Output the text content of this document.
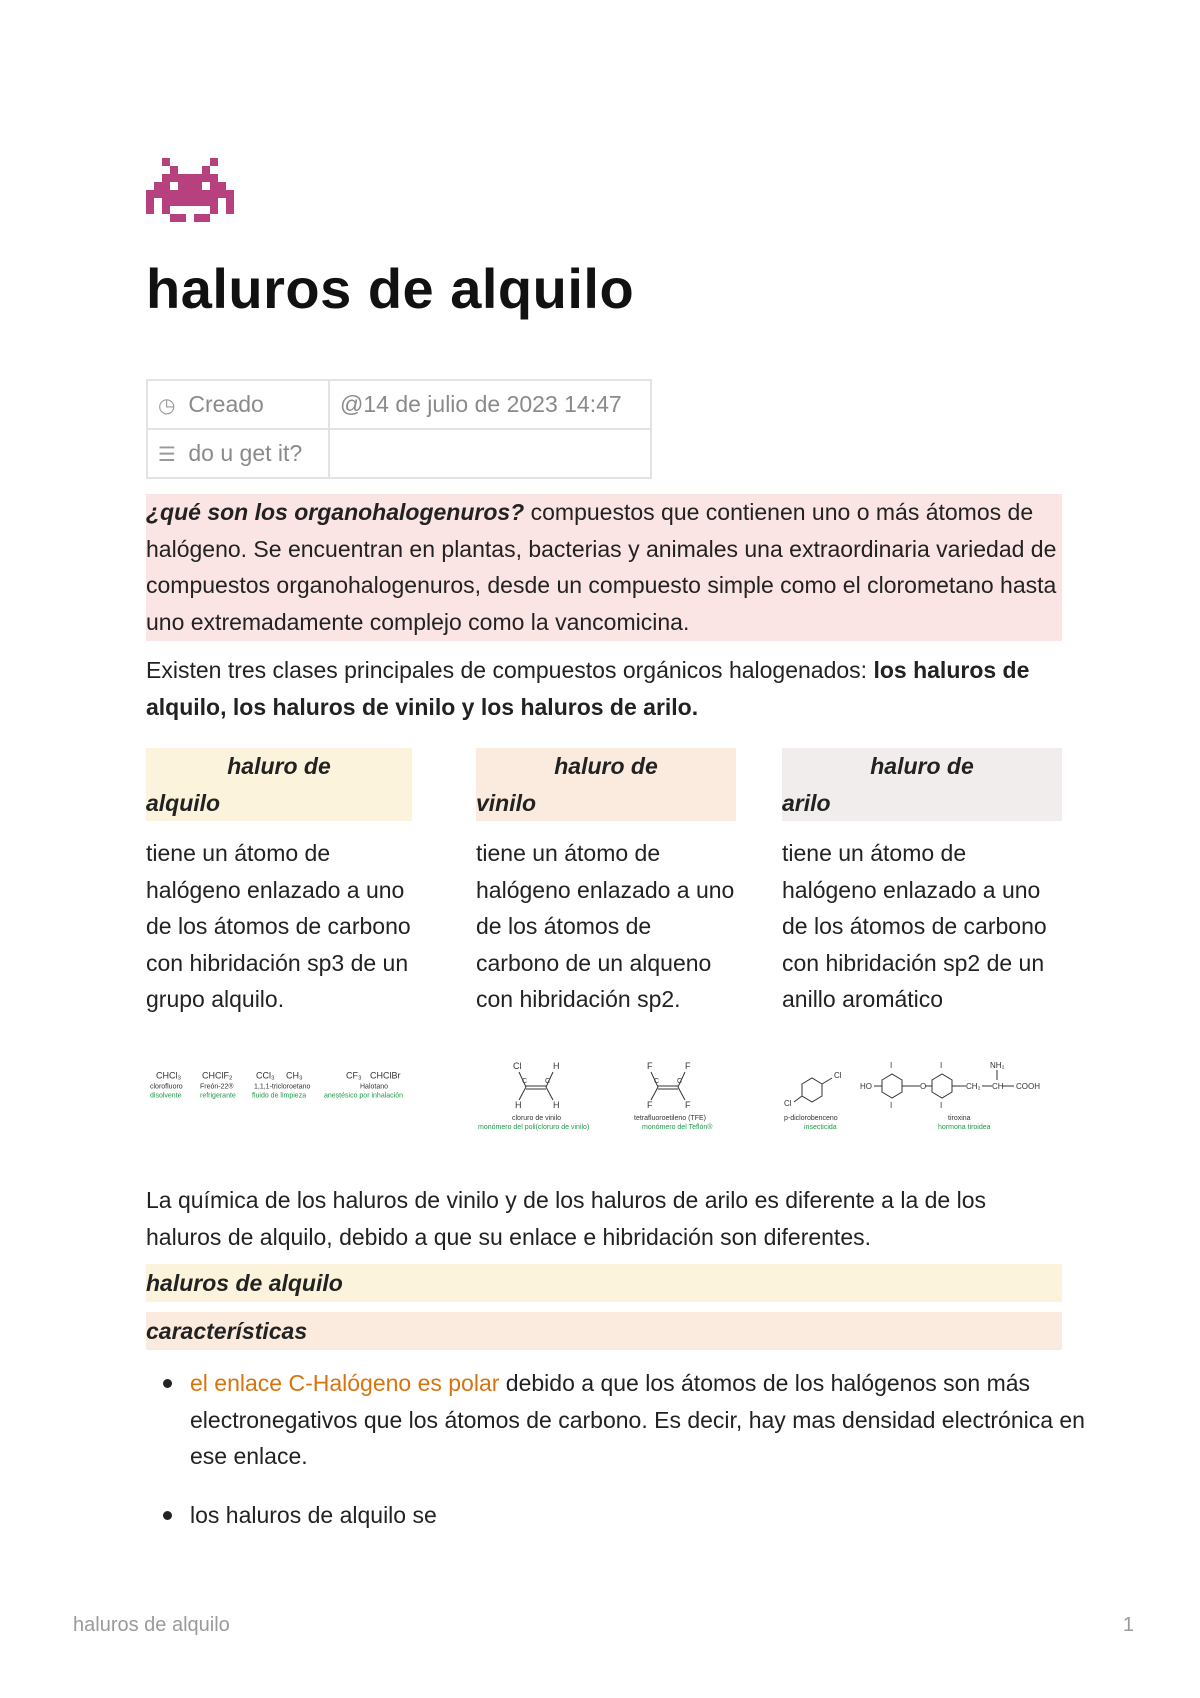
haluros de alquilo
◷ Creado	@14 de julio de 2023 14:47
☰ do u get it?	
¿qué son los organohalogenuros? compuestos que contienen uno o más átomos de halógeno. Se encuentran en plantas, bacterias y animales una extraordinaria variedad de compuestos organohalogenuros, desde un compuesto simple como el clorometano hasta uno extremadamente complejo como la vancomicina.
Existen tres clases principales de compuestos orgánicos halogenados: los haluros de alquilo, los haluros de vinilo y los haluros de arilo.
haluro de
alquilo
tiene un átomo de halógeno enlazado a uno de los átomos de carbono con hibridación sp3 de un grupo alquilo.
CHCl₃ CHClF₂	CCl₃ CH₃	CF₃ CHClBr
clorofluoro Freón-22®	1,1,1-tricloroetano	Halotano
disolvente	refrigerante fluido de limpieza	anestésico por inhalación
haluro de
vinilo
tiene un átomo de halógeno enlazado a uno de los átomos de carbono de un alqueno con hibridación sp2.
Cl	H
H	H
F	F
F	F
C	C	C	C
cloruro de vinilo	tetrafluoroetileno (TFE)
monómero del poli(cloruro de vinilo)	monómero del Teflón®
haluro de
arilo
tiene un átomo de halógeno enlazado a uno de los átomos de carbono con hibridación sp2 de un anillo aromático
Cl
Cl
I
I
I
I
HO	O
NH₂
CH₂ CH COOH
p-diclorobenceno	tiroxina
insecticida	hormona tiroidea
La química de los haluros de vinilo y de los haluros de arilo es diferente a la de los haluros de alquilo, debido a que su enlace e hibridación son diferentes.
haluros de alquilo
características
el enlace C-Halógeno es polar debido a que los átomos de los halógenos son más electronegativos que los átomos de carbono. Es decir, hay mas densidad electrónica en ese enlace.
los haluros de alquilo se
haluros de alquilo	1
